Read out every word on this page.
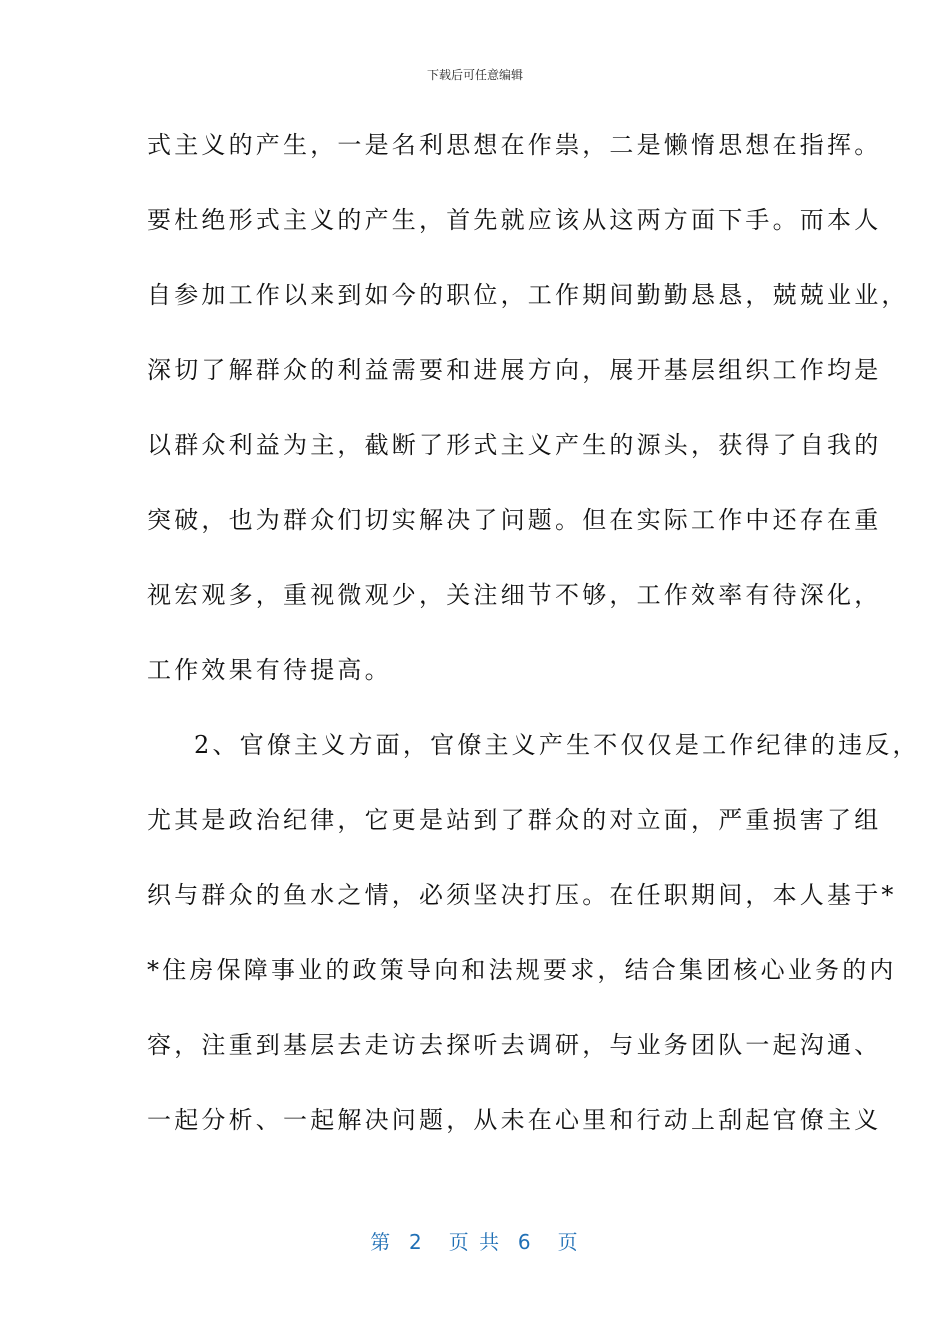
下载后可任意编辑
式主义的产生，一是名利思想在作祟，二是懒惰思想在指挥。
要杜绝形式主义的产生，首先就应该从这两方面下手。而本人
自参加工作以来到如今的职位，工作期间勤勤恳恳，兢兢业业，
深切了解群众的利益需要和进展方向，展开基层组织工作均是
以群众利益为主，截断了形式主义产生的源头，获得了自我的
突破，也为群众们切实解决了问题。但在实际工作中还存在重
视宏观多，重视微观少，关注细节不够，工作效率有待深化，
工作效果有待提高。
2、官僚主义方面，官僚主义产生不仅仅是工作纪律的违反，
尤其是政治纪律，它更是站到了群众的对立面，严重损害了组
织与群众的鱼水之情，必须坚决打压。在任职期间，本人基于*
*住房保障事业的政策导向和法规要求，结合集团核心业务的内
容，注重到基层去走访去探听去调研，与业务团队一起沟通、
一起分析、一起解决问题，从未在心里和行动上刮起官僚主义
第  2   页 共  6   页
